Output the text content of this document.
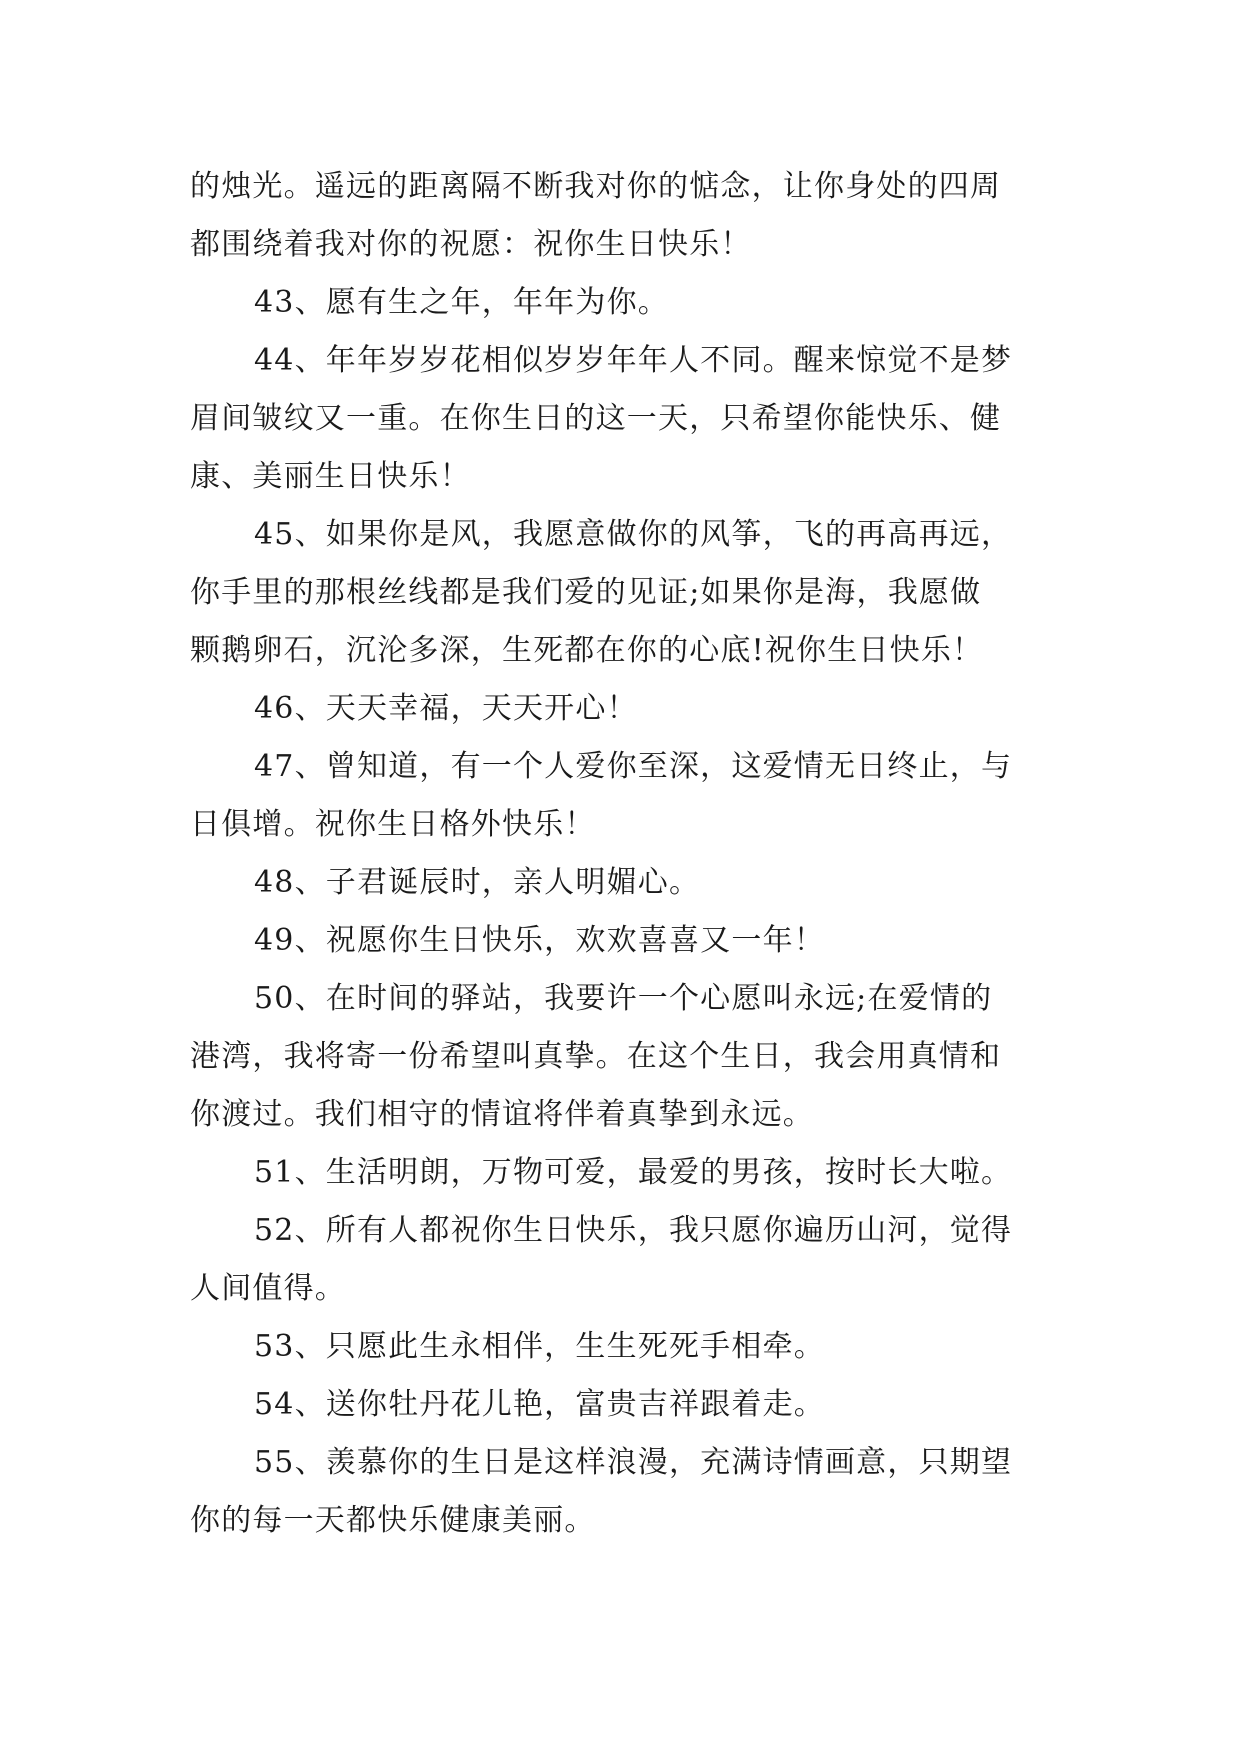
的烛光。遥远的距离隔不断我对你的惦念，让你身处的四周
都围绕着我对你的祝愿：祝你生日快乐！
43、愿有生之年，年年为你。
44、年年岁岁花相似岁岁年年人不同。醒来惊觉不是梦
眉间皱纹又一重。在你生日的这一天，只希望你能快乐、健
康、美丽生日快乐！
45、如果你是风，我愿意做你的风筝，飞的再高再远，
你手里的那根丝线都是我们爱的见证;如果你是海，我愿做
颗鹅卵石，沉沦多深，生死都在你的心底!祝你生日快乐！
46、天天幸福，天天开心！
47、曾知道，有一个人爱你至深，这爱情无日终止，与
日俱增。祝你生日格外快乐！
48、子君诞辰时，亲人明媚心。
49、祝愿你生日快乐，欢欢喜喜又一年！
50、在时间的驿站，我要许一个心愿叫永远;在爱情的
港湾，我将寄一份希望叫真挚。在这个生日，我会用真情和
你渡过。我们相守的情谊将伴着真挚到永远。
51、生活明朗，万物可爱，最爱的男孩，按时长大啦。
52、所有人都祝你生日快乐，我只愿你遍历山河，觉得
人间值得。
53、只愿此生永相伴，生生死死手相牵。
54、送你牡丹花儿艳，富贵吉祥跟着走。
55、羡慕你的生日是这样浪漫，充满诗情画意，只期望
你的每一天都快乐健康美丽。
